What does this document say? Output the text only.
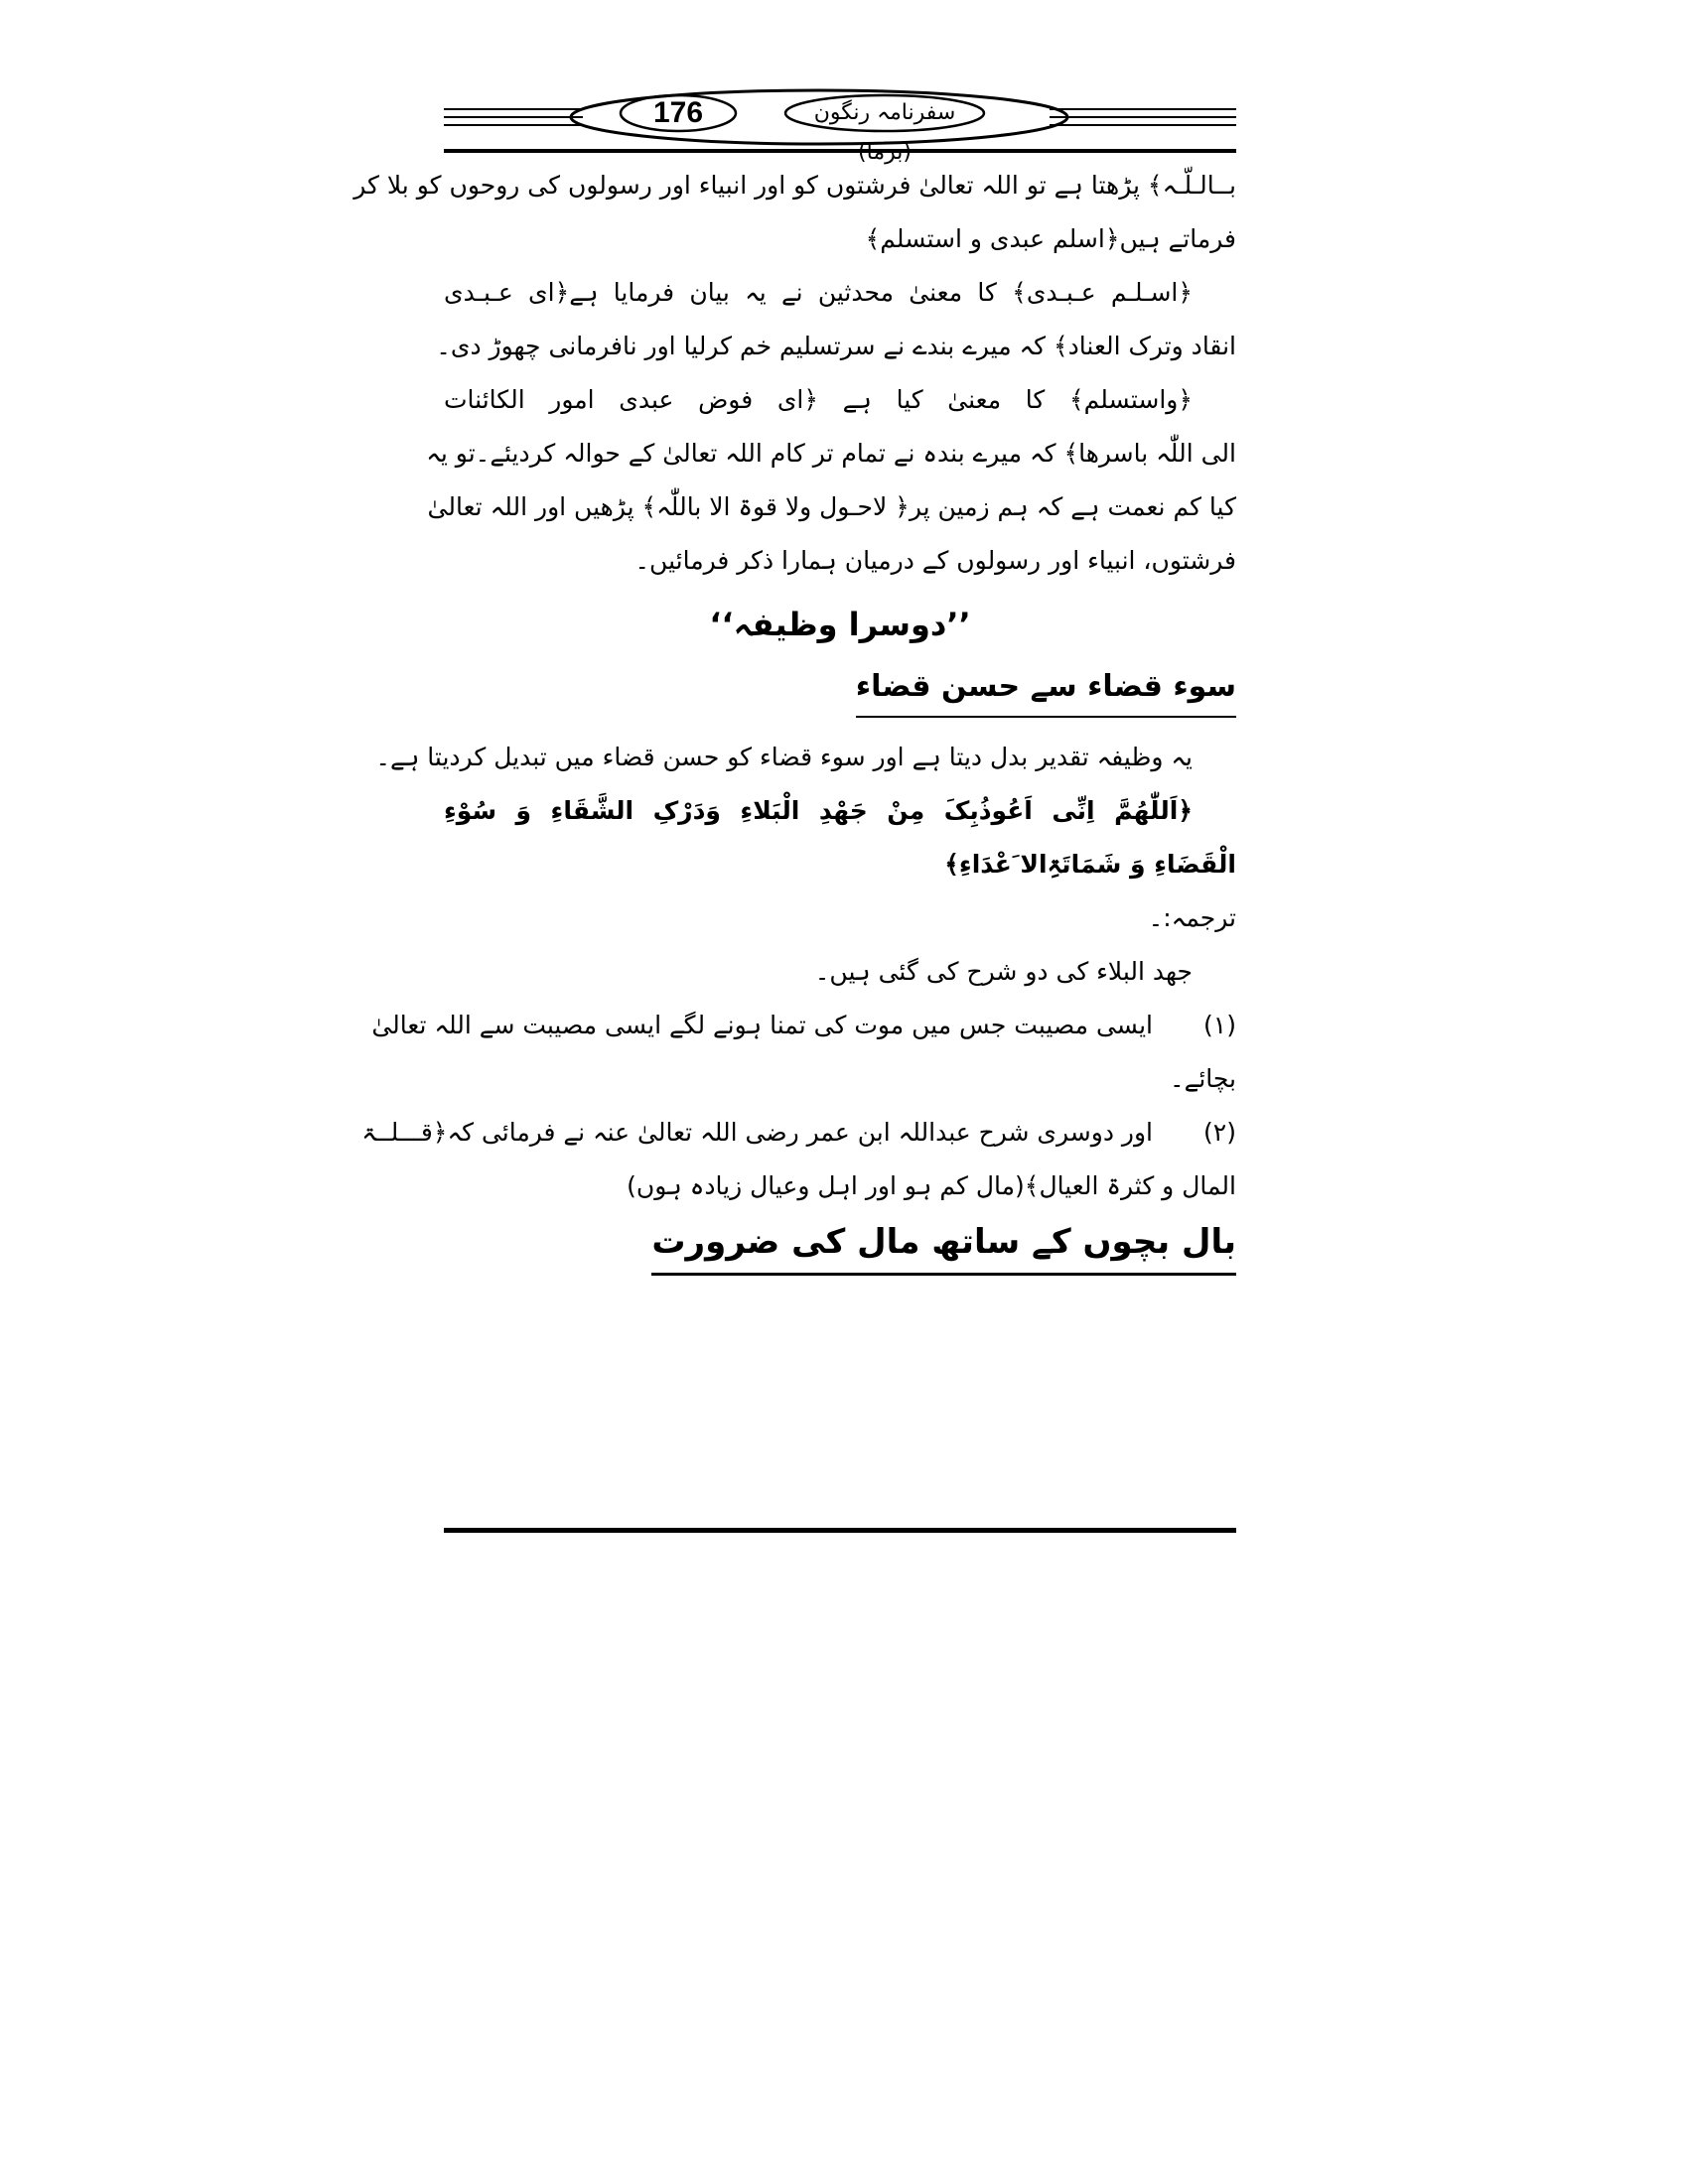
176	سفرنامہ رنگون
بــالـلّـہ﴾ پڑھتا ہے تو اللہ تعالیٰ فرشتوں کو اور انبیاء اور رسولوں کی روحوں کو بلا کر
فرماتے ہیں﴿اسلم عبدی و استسلم﴾
﴿اسـلـم عـبـدی﴾ کا معنیٰ محدثین نے یہ بیان فرمایا ہے﴿ای عـبـدی
انقاد وترک العناد﴾ کہ میرے بندے نے سرتسلیم خم کرلیا اور نافرمانی چھوڑ دی۔
﴿واستسلم﴾ کا معنیٰ کیا ہے ﴿ای فوض عبدی امور الکائنات
الی اللّٰہ باسرھا﴾ کہ میرے بندہ نے تمام تر کام اللہ تعالیٰ کے حوالہ کردیئے۔تو یہ
کیا کم نعمت ہے کہ ہم زمین پر﴿ لاحـول ولا قوۃ الا باللّٰہ﴾ پڑھیں اور اللہ تعالیٰ
فرشتوں، انبیاء اور رسولوں کے درمیان ہمارا ذکر فرمائیں۔
’’دوسرا وظیفہ‘‘
سوء قضاء سے حسن قضاء
یہ وظیفہ تقدیر بدل دیتا ہے اور سوء قضاء کو حسن قضاء میں تبدیل کردیتا ہے۔
﴿اَللّٰھُمَّ اِنِّی اَعُوذُبِکَ مِنْ جَھْدِ الْبَلاءِ وَدَرْکِ الشَّقَاءِ وَ سُوْءِ
الْقَضَاءِ وَ شَمَاتَۃِالا َعْدَاءِ﴾
ترجمہ:۔
جھد البلاء کی دو شرح کی گئی ہیں۔
(۱)ایسی مصیبت جس میں موت کی تمنا ہونے لگے ایسی مصیبت سے اللہ تعالیٰ
بچائے۔
(۲)اور دوسری شرح عبداللہ ابن عمر رضی اللہ تعالیٰ عنہ نے فرمائی کہ﴿قـــلــۃ
المال و کثرۃ العیال﴾(مال کم ہو اور اہل وعیال زیادہ ہوں)
بال بچوں کے ساتھ مال کی ضرورت
